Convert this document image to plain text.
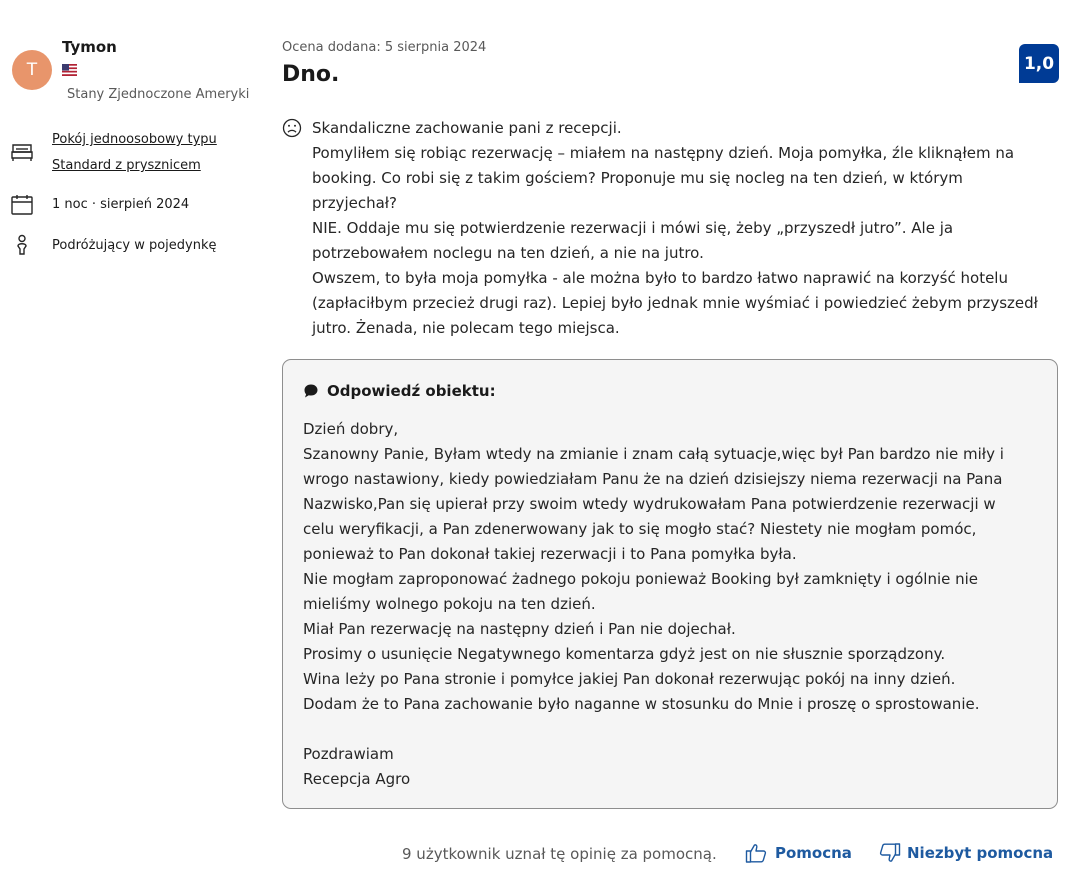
T
Tymon
Stany Zjednoczone Ameryki
Pokój jednoosobowy typu
Standard z prysznicem
1 noc · sierpień 2024
Podróżujący w pojedynkę
Ocena dodana: 5 sierpnia 2024
Dno.	1,0
Skandaliczne zachowanie pani z recepcji.
Pomyliłem się robiąc rezerwację – miałem na następny dzień. Moja pomyłka, źle kliknąłem na
booking. Co robi się z takim gościem? Proponuje mu się nocleg na ten dzień, w którym
przyjechał?
NIE. Oddaje mu się potwierdzenie rezerwacji i mówi się, żeby „przyszedł jutro”. Ale ja
potrzebowałem noclegu na ten dzień, a nie na jutro.
Owszem, to była moja pomyłka - ale można było to bardzo łatwo naprawić na korzyść hotelu
(zapłaciłbym przecież drugi raz). Lepiej było jednak mnie wyśmiać i powiedzieć żebym przyszedł
jutro. Żenada, nie polecam tego miejsca.
Odpowiedź obiektu:
Dzień dobry,
Szanowny Panie, Byłam wtedy na zmianie i znam całą sytuacje,więc był Pan bardzo nie miły i
wrogo nastawiony, kiedy powiedziałam Panu że na dzień dzisiejszy niema rezerwacji na Pana
Nazwisko,Pan się upierał przy swoim wtedy wydrukowałam Pana potwierdzenie rezerwacji w
celu weryfikacji, a Pan zdenerwowany jak to się mogło stać? Niestety nie mogłam pomóc,
ponieważ to Pan dokonał takiej rezerwacji i to Pana pomyłka była.
Nie mogłam zaproponować żadnego pokoju ponieważ Booking był zamknięty i ogólnie nie
mieliśmy wolnego pokoju na ten dzień.
Miał Pan rezerwację na następny dzień i Pan nie dojechał.
Prosimy o usunięcie Negatywnego komentarza gdyż jest on nie słusznie sporządzony.
Wina leży po Pana stronie i pomyłce jakiej Pan dokonał rezerwując pokój na inny dzień.
Dodam że to Pana zachowanie było naganne w stosunku do Mnie i proszę o sprostowanie.
Pozdrawiam
Recepcja Agro
9 użytkownik uznał tę opinię za pomocną.	Pomocna	Niezbyt pomocna
